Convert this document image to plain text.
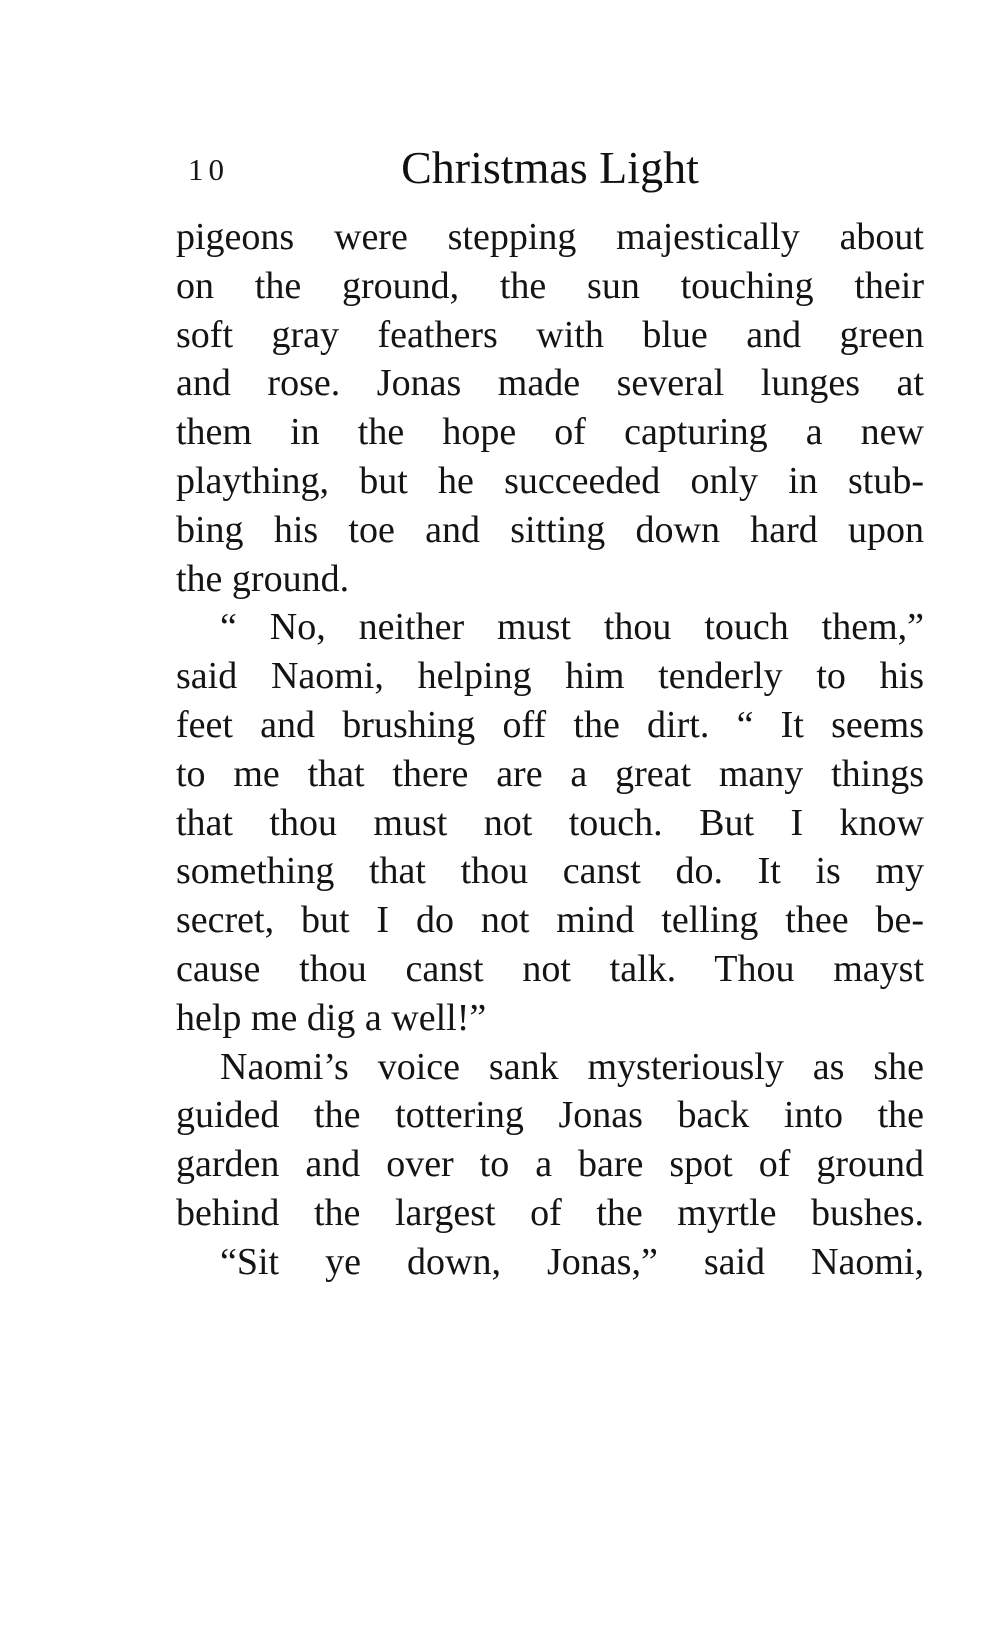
10	Christmas Light
pigeons were stepping majestically about
on the ground, the sun touching their
soft gray feathers with blue and green
and rose. Jonas made several lunges at
them in the hope of capturing a new
plaything, but he succeeded only in stub-
bing his toe and sitting down hard upon
the ground.
“ No, neither must thou touch them,”
said Naomi, helping him tenderly to his
feet and brushing off the dirt. “ It seems
to me that there are a great many things
that thou must not touch. But I know
something that thou canst do. It is my
secret, but I do not mind telling thee be-
cause thou canst not talk. Thou mayst
help me dig a well!”
Naomi’s voice sank mysteriously as she
guided the tottering Jonas back into the
garden and over to a bare spot of ground
behind the largest of the myrtle bushes.
“Sit ye down, Jonas,” said Naomi,
